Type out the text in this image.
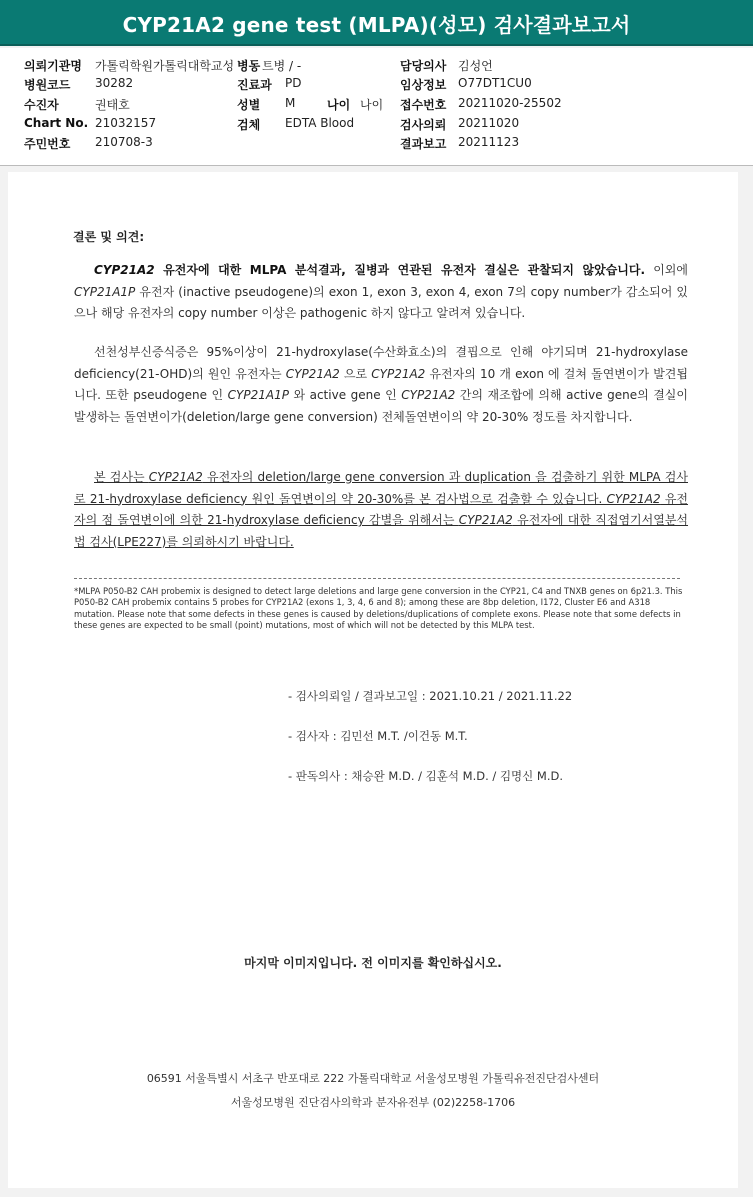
CYP21A2 gene test (MLPA)(성모) 검사결과보고서
의뢰기관명 가톨릭학원가톨릭대학교성 병동 트병 / -	담당의사 김성언
병원코드 30282	진료과 PD	임상정보 O77DT1CU0
수진자	권태호	성별 M	나이 나이 접수번호 20211020-25502
Chart No. 21032157	검체 EDTA Blood	검사의뢰 20211020
주민번호 210708-3	결과보고 20211123
결론 및 의견:
CYP21A2 유전자에 대한 MLPA 분석결과, 질병과 연관된 유전자 결실은 관찰되지 않았습니다. 이외에 CYP21A1P 유전자 (inactive pseudogene)의 exon 1, exon 3, exon 4, exon 7의 copy number가 감소되어 있으나 해당 유전자의 copy number 이상은 pathogenic 하지 않다고 알려져 있습니다.
선천성부신증식증은 95%이상이 21-hydroxylase(수산화효소)의 결핍으로 인해 야기되며 21-hydroxylase deficiency(21-OHD)의 원인 유전자는 CYP21A2 으로 CYP21A2 유전자의 10 개 exon 에 걸쳐 돌연변이가 발견됩니다. 또한 pseudogene 인 CYP21A1P 와 active gene 인 CYP21A2 간의 재조합에 의해 active gene의 결실이 발생하는 돌연변이가(deletion/large gene conversion) 전체돌연변이의 약 20-30% 정도를 차지합니다.
본 검사는 CYP21A2 유전자의 deletion/large gene conversion 과 duplication 을 검출하기 위한 MLPA 검사로 21-hydroxylase deficiency 원인 돌연변이의 약 20-30%를 본 검사법으로 검출할 수 있습니다. CYP21A2 유전자의 점 돌연변이에 의한 21-hydroxylase deficiency 감별을 위해서는 CYP21A2 유전자에 대한 직접염기서열분석법 검사(LPE227)를 의뢰하시기 바랍니다.
*MLPA P050-B2 CAH probemix is designed to detect large deletions and large gene conversion in the CYP21, C4 and TNXB genes on 6p21.3. This P050-B2 CAH probemix contains 5 probes for CYP21A2 (exons 1, 3, 4, 6 and 8); among these are 8bp deletion, I172, Cluster E6 and A318 mutation. Please note that some defects in these genes is caused by deletions/duplications of complete exons. Please note that some defects in these genes are expected to be small (point) mutations, most of which will not be detected by this MLPA test.
- 검사의뢰일 / 결과보고일 : 2021.10.21 / 2021.11.22
- 검사자 : 김민선 M.T. /이건동 M.T.
- 판독의사 : 채승완 M.D. / 김훈석 M.D. / 김명신 M.D.
마지막 이미지입니다. 전 이미지를 확인하십시오.
06591 서울특별시 서초구 반포대로 222 가톨릭대학교 서울성모병원 가톨릭유전진단검사센터
서울성모병원 진단검사의학과 분자유전부 (02)2258-1706
